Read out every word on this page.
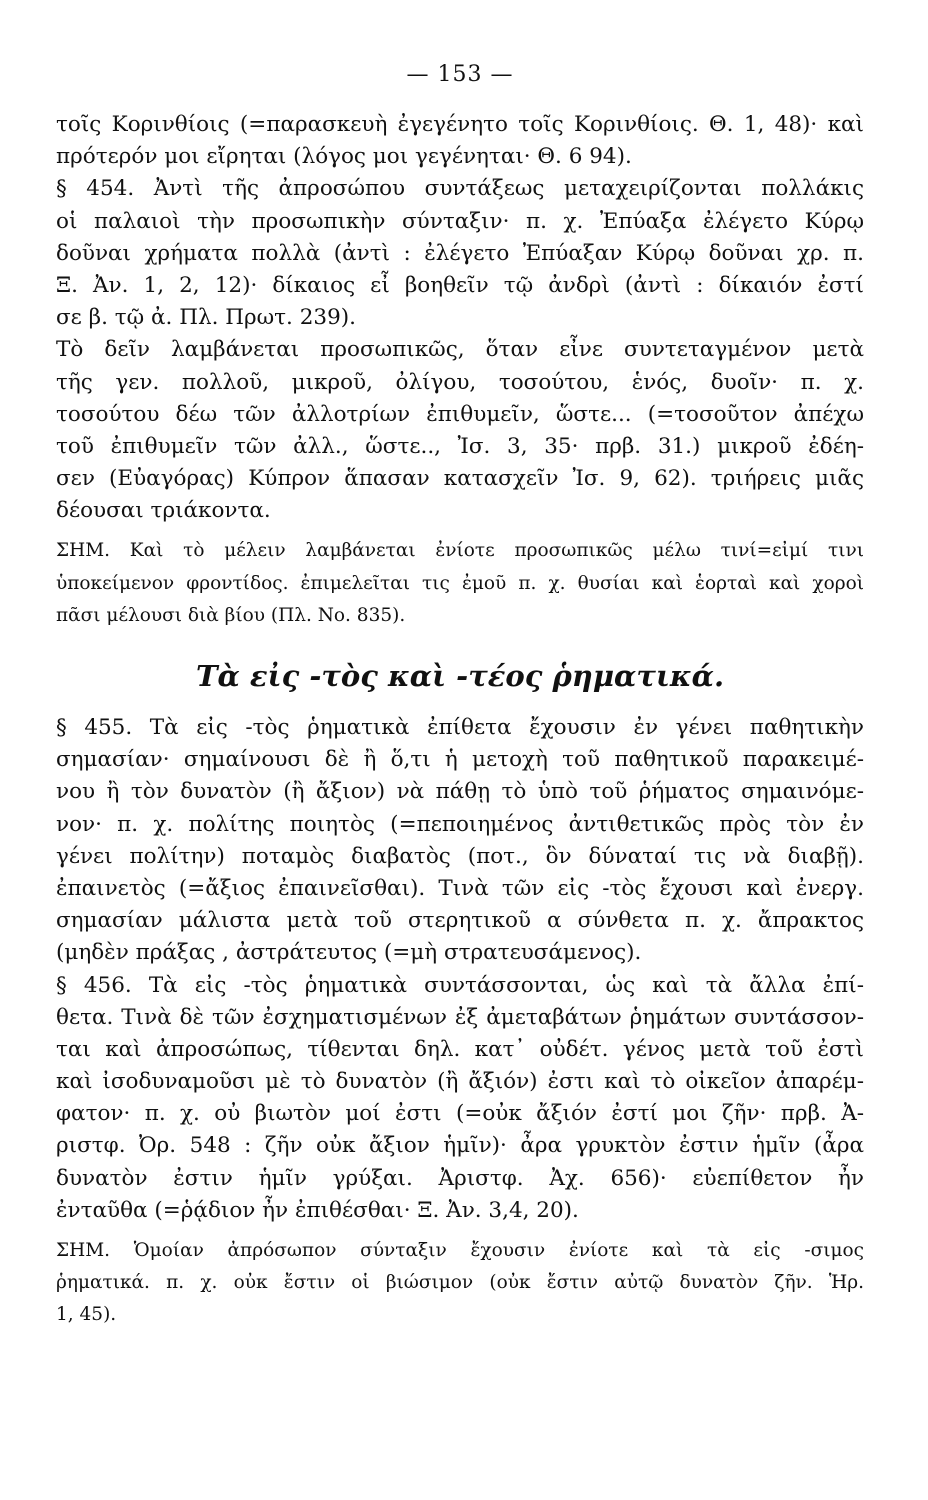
— 153 —
τοῖς Κορινθίοις (=παρασκευὴ ἐγεγένητο τοῖς Κορινθίοις. Θ. 1, 48)· καὶ
πρότερόν μοι εἴρηται (λόγος μοι γεγένηται· Θ. 6 94).
§ 454. Ἀντὶ τῆς ἀπροσώπου συντάξεως μεταχειρίζονται πολλάκις
οἱ παλαιοὶ τὴν προσωπικὴν σύνταξιν· π. χ. Ἐπύαξα ἐλέγετο Κύρῳ
δοῦναι χρήματα πολλὰ (ἀντὶ : ἐλέγετο Ἐπύαξαν Κύρῳ δοῦναι χρ. π.
Ξ. Ἀν. 1, 2, 12)· δίκαιος εἶ βοηθεῖν τῷ ἀνδρὶ (ἀντὶ : δίκαιόν ἐστί
σε β. τῷ ἀ. Πλ. Πρωτ. 239).
Τὸ δεῖν λαμβάνεται προσωπικῶς, ὅταν εἶνε συντεταγμένον μετὰ
τῆς γεν. πολλοῦ, μικροῦ, ὀλίγου, τοσούτου, ἑνός, δυοῖν· π. χ.
τοσούτου δέω τῶν ἀλλοτρίων ἐπιθυμεῖν, ὥστε... (=τοσοῦτον ἀπέχω
τοῦ ἐπιθυμεῖν τῶν ἀλλ., ὥστε.., Ἰσ. 3, 35· πρβ. 31.) μικροῦ ἐδέη-
σεν (Εὐαγόρας) Κύπρον ἅπασαν κατασχεῖν Ἰσ. 9, 62). τριήρεις μιᾶς
δέουσαι τριάκοντα.
ΣΗΜ. Καὶ τὸ μέλειν λαμβάνεται ἐνίοτε προσωπικῶς μέλω τινί=εἰμί τινι
ὑποκείμενον φροντίδος. ἐπιμελεῖται τις ἐμοῦ π. χ. θυσίαι καὶ ἑορταὶ καὶ χοροὶ
πᾶσι μέλουσι διὰ βίου (Πλ. Νο. 835).
Τὰ εἰς -τὸς καὶ -τέος ῥηματικά.
§ 455. Τὰ εἰς -τὸς ῥηματικὰ ἐπίθετα ἔχουσιν ἐν γένει παθητικὴν
σημασίαν· σημαίνουσι δὲ ἢ ὅ,τι ἡ μετοχὴ τοῦ παθητικοῦ παρακειμέ-
νου ἢ τὸν δυνατὸν (ἢ ἄξιον) νὰ πάθῃ τὸ ὑπὸ τοῦ ῥήματος σημαινόμε-
νον· π. χ. πολίτης ποιητὸς (=πεποιημένος ἀντιθετικῶς πρὸς τὸν ἐν
γένει πολίτην) ποταμὸς διαβατὸς (ποτ., ὃν δύναταί τις νὰ διαβῇ).
ἐπαινετὸς (=ἄξιος ἐπαινεῖσθαι). Τινὰ τῶν εἰς -τὸς ἔχουσι καὶ ἐνεργ.
σημασίαν μάλιστα μετὰ τοῦ στερητικοῦ α σύνθετα π. χ. ἄπρακτος
(μηδὲν πράξας , ἀστράτευτος (=μὴ στρατευσάμενος).
§ 456. Τὰ εἰς -τὸς ῥηματικὰ συντάσσονται, ὡς καὶ τὰ ἄλλα ἐπί-
θετα. Τινὰ δὲ τῶν ἐσχηματισμένων ἐξ ἀμεταβάτων ῥημάτων συντάσσον-
ται καὶ ἀπροσώπως, τίθενται δηλ. κατ᾽ οὐδέτ. γένος μετὰ τοῦ ἐστὶ
καὶ ἰσοδυναμοῦσι μὲ τὸ δυνατὸν (ἢ ἄξιόν) ἐστι καὶ τὸ οἰκεῖον ἀπαρέμ-
φατον· π. χ. οὐ βιωτὸν μοί ἐστι (=οὐκ ἄξιόν ἐστί μοι ζῆν· πρβ. Ἀ-
ριστφ. Ὀρ. 548 : ζῆν οὐκ ἄξιον ἡμῖν)· ἆρα γρυκτὸν ἐστιν ἡμῖν (ἆρα
δυνατὸν ἐστιν ἡμῖν γρύξαι. Ἀριστφ. Ἀχ. 656)· εὐεπίθετον ἦν
ἐνταῦθα (=ῥᾴδιον ἦν ἐπιθέσθαι· Ξ. Ἀν. 3,4, 20).
ΣΗΜ. Ὁμοίαν ἀπρόσωπον σύνταξιν ἔχουσιν ἐνίοτε καὶ τὰ εἰς -σιμος
ῥηματικά. π. χ. οὐκ ἔστιν οἱ βιώσιμον (οὐκ ἔστιν αὐτῷ δυνατὸν ζῆν. Ἡρ.
1, 45).
